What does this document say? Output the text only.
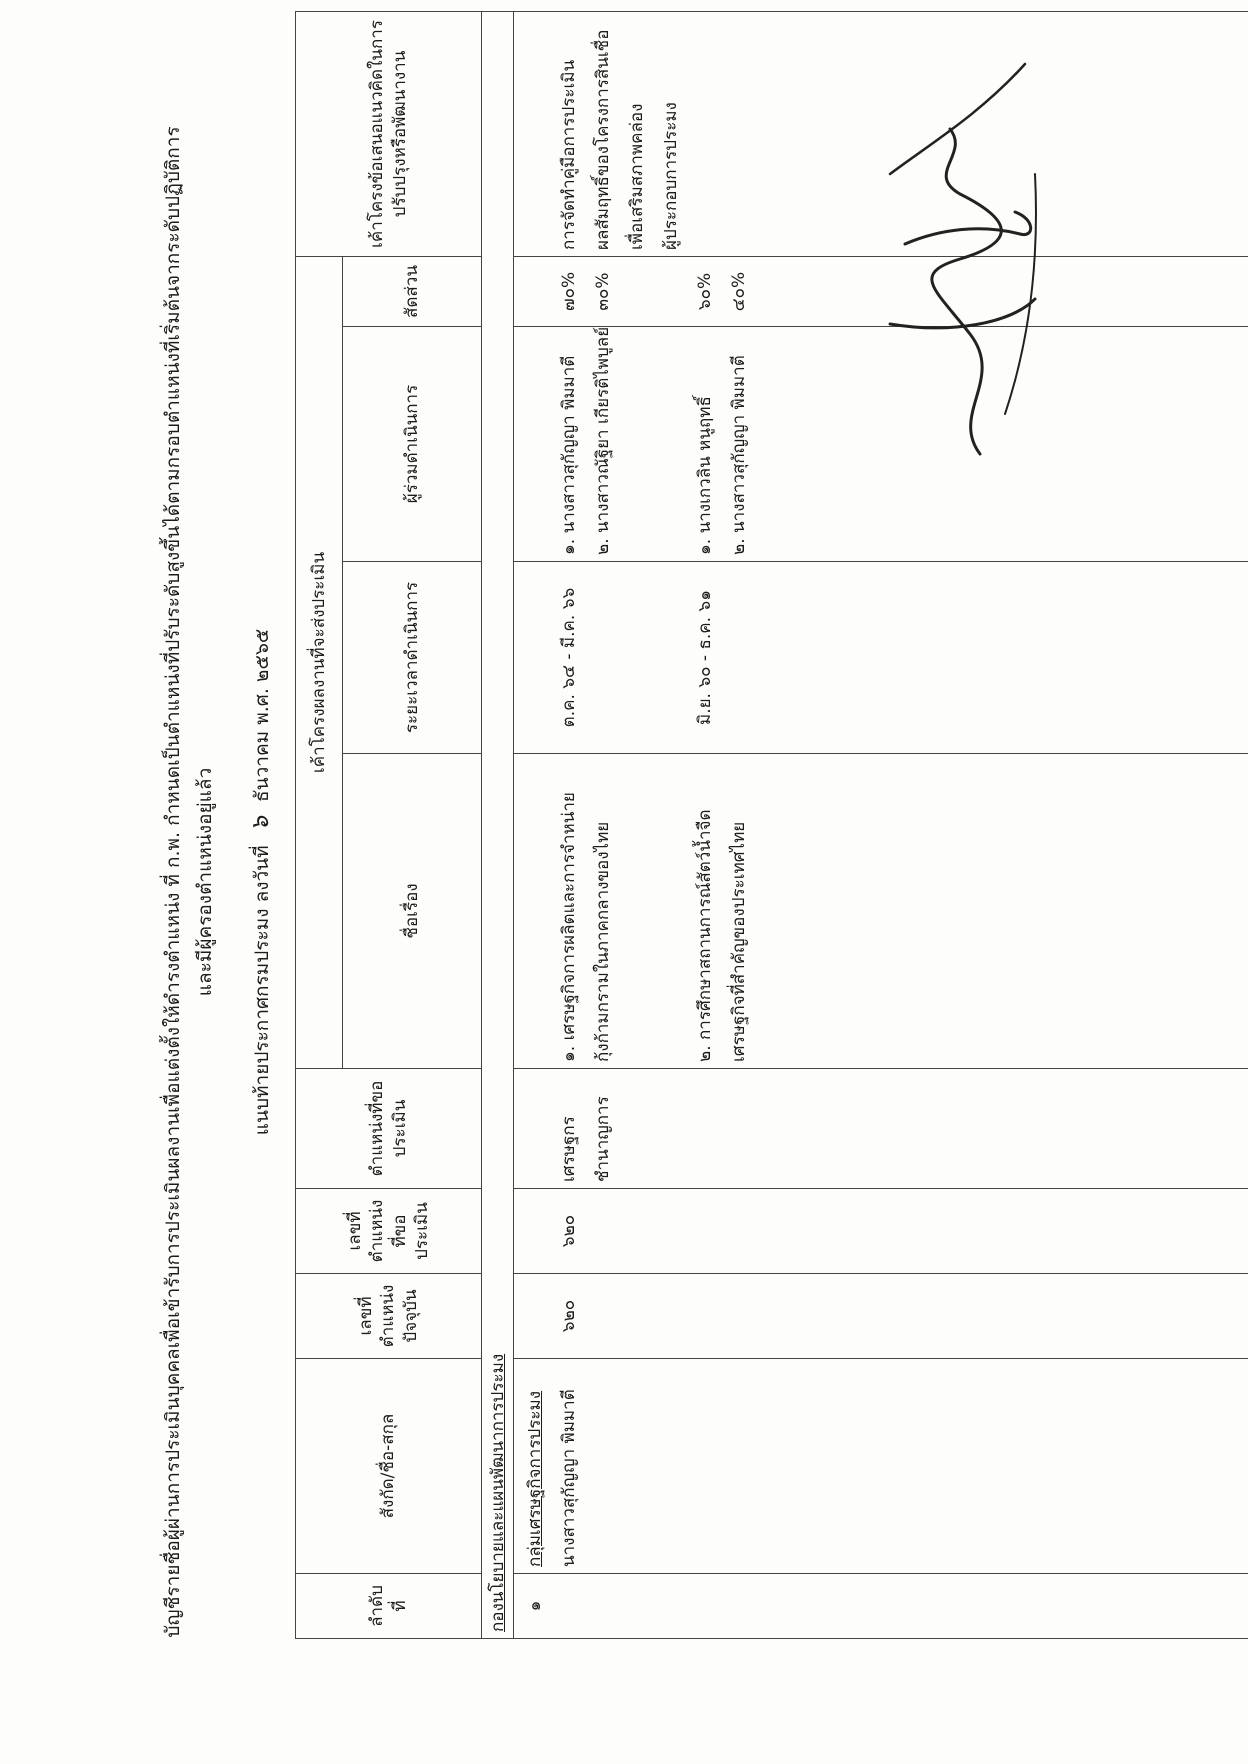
บัญชีรายชื่อผู้ผ่านการประเมินบุคคลเพื่อเข้ารับการประเมินผลงานเพื่อแต่งตั้งให้ดำรงตำแหน่ง ที่ ก.พ. กำหนดเป็นตำแหน่งที่ปรับระดับสูงขึ้นได้ตามกรอบตำแหน่งที่เริ่มต้นจากระดับปฏิบัติการ และมีผู้ครองตำแหน่งอยู่แล้ว	แนบท้ายประกาศกรมประมง ลงวันที่ ๖ ธันวาคม พ.ศ. ๒๕๖๕
ลำดับที่	สังกัด/ชื่อ-สกุล	เลขที่ตำแหน่งปัจจุบัน	เลขที่ตำแหน่งที่ขอประเมิน	ตำแหน่งที่ขอประเมิน	เค้าโครงผลงานที่จะส่งประเมิน				เค้าโครงข้อเสนอแนวคิดในการปรับปรุงหรือพัฒนางาน
					ชื่อเรื่อง	ระยะเวลาดำเนินการ	ผู้ร่วมดำเนินการ	สัดส่วน	
กองนโยบายและแผนพัฒนาการประมง									

๑	กลุ่มเศรษฐกิจการประมง นางสาวสุกัญญา พิมมาตี	๖๒๐	๖๒๐	เศรษฐกร ชำนาญการ	๑. เศรษฐกิจการผลิตและการจำหน่าย กุ้งก้ามกรามในภาคกลางของไทย ๒. การศึกษาสถานการณ์สัตว์น้ำจืด เศรษฐกิจที่สำคัญของประเทศไทย	ต.ค. ๖๔ - มี.ค. ๖๖ มิ.ย. ๖๐ - ธ.ค. ๖๑	๑. นางสาวสุกัญญา พิมมาตี ๒. นางสาวณัฐิยา เกียรติไพบูลย์ ๑. นางเกวลิน หนูฤทธิ์ ๒. นางสาวสุกัญญา พิมมาตี	๗๐% ๓๐% ๖๐% ๔๐%	การจัดทำคู่มือการประเมิน ผลสัมฤทธิ์ของโครงการสินเชื่อ เพื่อเสริมสภาพคล่อง ผู้ประกอบการประมง
